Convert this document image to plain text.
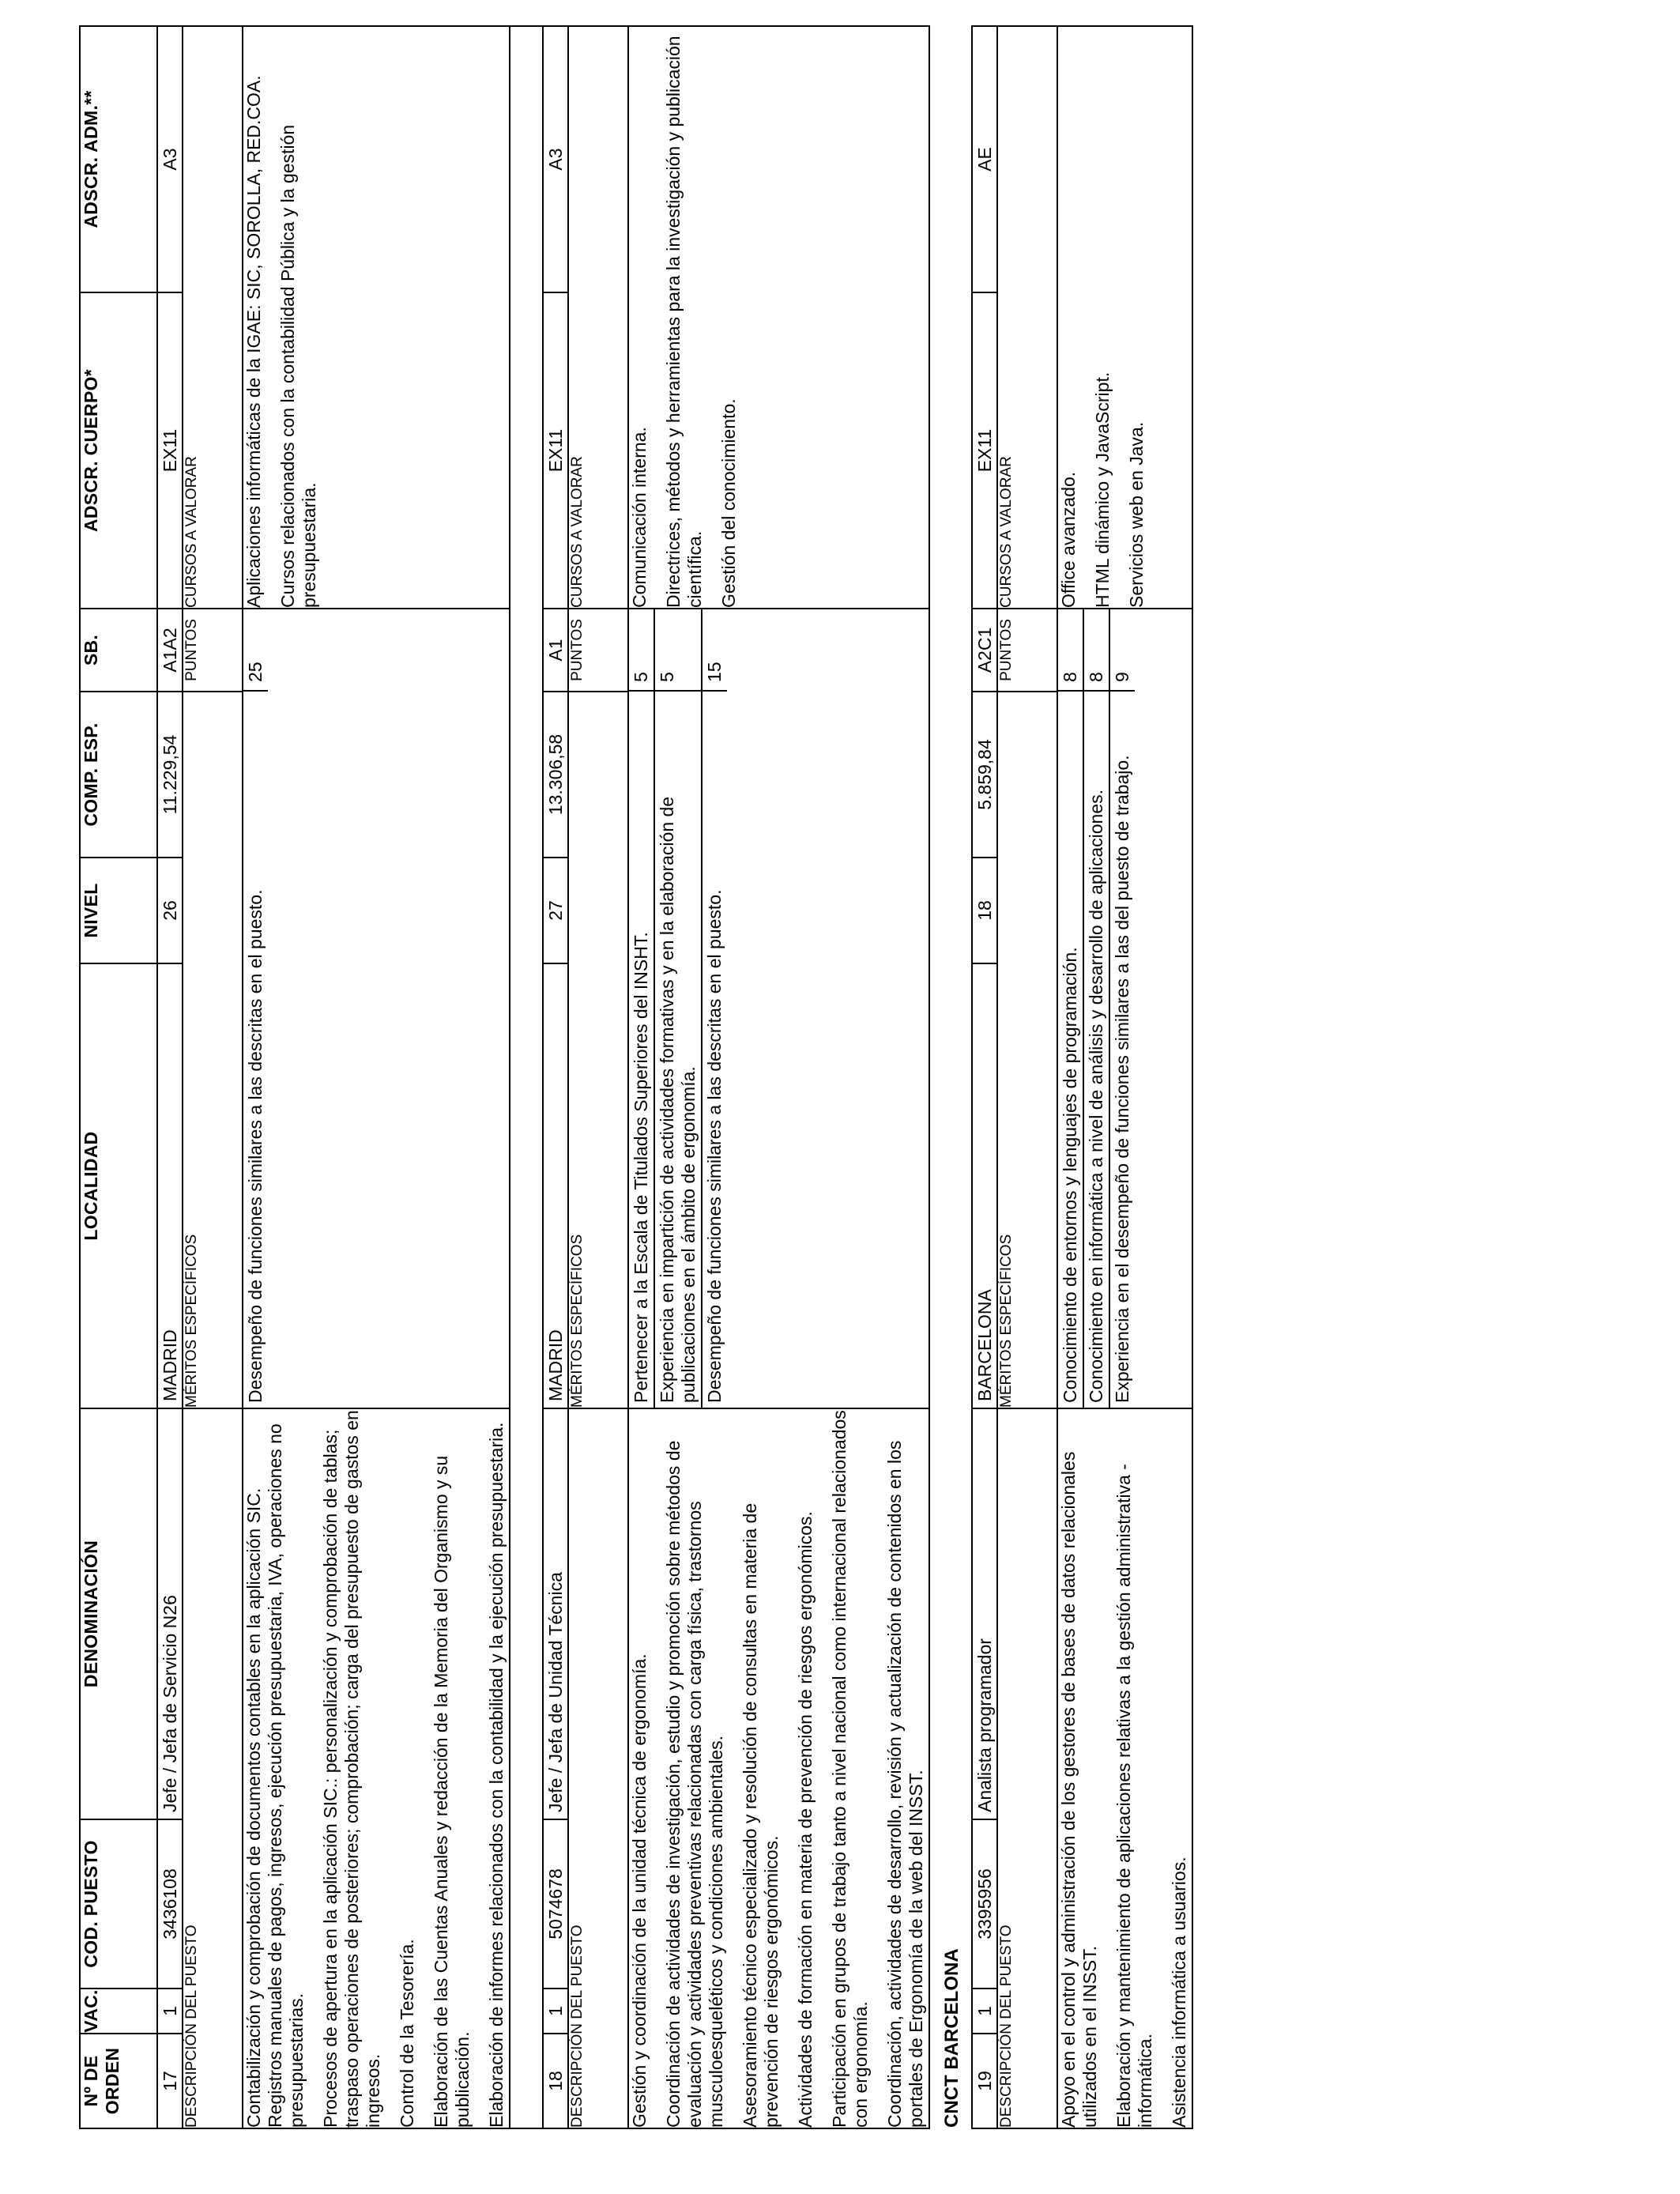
Nº DE ORDEN	VAC.	COD. PUESTO	DENOMINACIÓN	LOCALIDAD	NIVEL	COMP. ESP.	SB.	ADSCR. CUERPO*	ADSCR. ADM.**
17	1	3436108	Jefe / Jefa de Servicio N26	MADRID	26	11.229,54	A1A2	EX11	A3
DESCRIPCIÓN DEL PUESTO	MÉRITOS ESPECÍFICOS	PUNTOS	CURSOS A VALORAR

Contabilización y comprobación de documentos contables en la aplicación SIC. Registros manuales de pagos, ingresos, ejecución presupuestaria, IVA, operaciones no presupuestarias. Procesos de apertura en la aplicación SIC.: personalización y comprobación de tablas; traspaso operaciones de posteriores; comprobación; carga del presupuesto de gastos en ingresos. Control de la Tesorería. Elaboración de las Cuentas Anuales y redacción de la Memoria del Organismo y su publicación. Elaboración de informes relacionados con la contabilidad y la ejecución presupuestaria.

Desempeño de funciones similares a las descritas en el puesto.	25

Aplicaciones informáticas de la IGAE: SIC, SOROLLA, RED.COA. Cursos relacionados con la contabilidad Pública y la gestión presupuestaria.

18	1	5074678	Jefe / Jefa de Unidad Técnica	MADRID	27	13.306,58	A1	EX11	A3
DESCRIPCIÓN DEL PUESTO	MÉRITOS ESPECÍFICOS	PUNTOS	CURSOS A VALORAR

Gestión y coordinación de la unidad técnica de ergonomía. Coordinación de actividades de investigación, estudio y promoción sobre métodos de evaluación y actividades preventivas relacionadas con carga física, trastornos musculoesqueléticos y condiciones ambientales. Asesoramiento técnico especializado y resolución de consultas en materia de prevención de riesgos ergonómicos. Actividades de formación en materia de prevención de riesgos ergonómicos. Participación en grupos de trabajo tanto a nivel nacional como internacional relacionados con ergonomía. Coordinación, actividades de desarrollo, revisión y actualización de contenidos en los portales de Ergonomía de la web del INSST.

Pertenecer a la Escala de Titulados Superiores del INSHT.	5
Experiencia en impartición de actividades formativas y en la elaboración de publicaciones en el ámbito de ergonomía.	5
Desempeño de funciones similares a las descritas en el puesto.	15

Comunicación interna. Directrices, métodos y herramientas para la investigación y publicación científica. Gestión del conocimiento.

CNCT BARCELONA 19	1	3395956	Analista programador	BARCELONA	18	5.859,84	A2C1	EX11	AE
DESCRIPCIÓN DEL PUESTO	MÉRITOS ESPECÍFICOS	PUNTOS	CURSOS A VALORAR

Apoyo en el control y administración de los gestores de bases de datos relacionales utilizados en el INSST. Elaboración y mantenimiento de aplicaciones relativas a la gestión administrativa -informática. Asistencia informática a usuarios.

Conocimiento de entornos y lenguajes de programación.	8
Conocimiento en informática a nivel de análisis y desarrollo de aplicaciones.	8
Experiencia en el desempeño de funciones similares a las del puesto de trabajo.	9

Office avanzado. HTML dinámico y JavaScript. Servicios web en Java.
